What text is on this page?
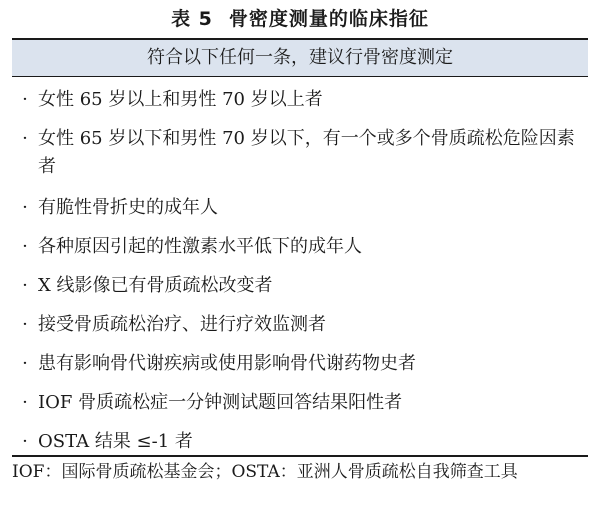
表 5 骨密度测量的临床指征
符合以下任何一条，建议行骨密度测定
· 女性 65 岁以上和男性 70 岁以上者
· 女性 65 岁以下和男性 70 岁以下，有一个或多个骨质疏松危险因素者
· 有脆性骨折史的成年人
· 各种原因引起的性激素水平低下的成年人
· X 线影像已有骨质疏松改变者
· 接受骨质疏松治疗、进行疗效监测者
· 患有影响骨代谢疾病或使用影响骨代谢药物史者
· IOF 骨质疏松症一分钟测试题回答结果阳性者
· OSTA 结果 ≤-1 者
IOF：国际骨质疏松基金会；OSTA：亚洲人骨质疏松自我筛查工具
